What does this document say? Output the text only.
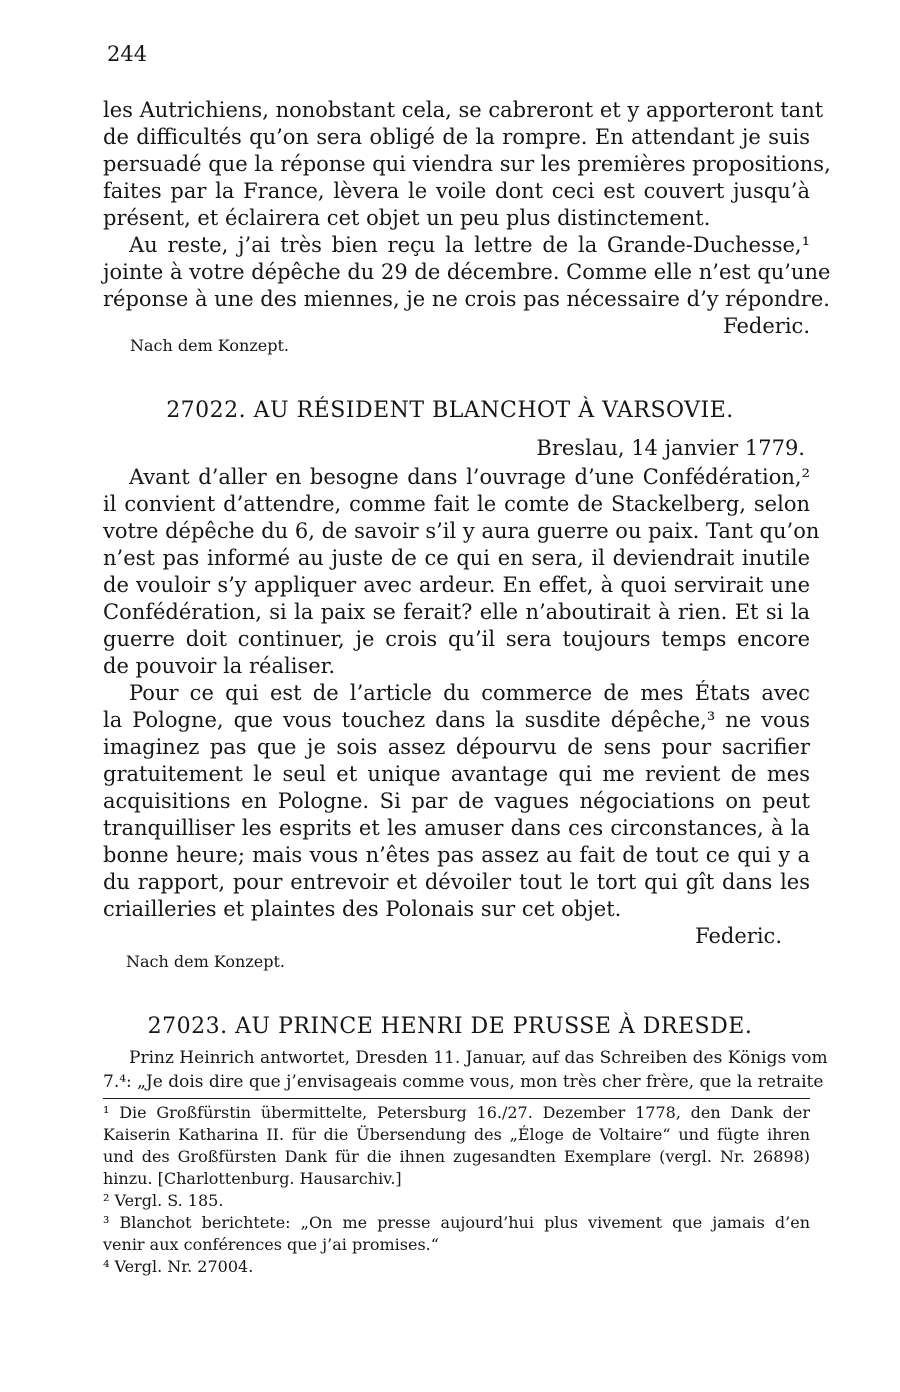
244
les Autrichiens, nonobstant cela, se cabreront et y apporteront tant
de difficultés qu’on sera obligé de la rompre. En attendant je suis
persuadé que la réponse qui viendra sur les premières propositions,
faites par la France, lèvera le voile dont ceci est couvert jusqu’à
présent, et éclairera cet objet un peu plus distinctement.
Au reste, j’ai très bien reçu la lettre de la Grande-Duchesse,¹
jointe à votre dépêche du 29 de décembre. Comme elle n’est qu’une
réponse à une des miennes, je ne crois pas nécessaire d’y répondre.
Federic.
Nach dem Konzept.
27022. AU RÉSIDENT BLANCHOT À VARSOVIE.
Breslau, 14 janvier 1779.
Avant d’aller en besogne dans l’ouvrage d’une Confédération,²
il convient d’attendre, comme fait le comte de Stackelberg, selon
votre dépêche du 6, de savoir s’il y aura guerre ou paix. Tant qu’on
n’est pas informé au juste de ce qui en sera, il deviendrait inutile
de vouloir s’y appliquer avec ardeur. En effet, à quoi servirait une
Confédération, si la paix se ferait? elle n’aboutirait à rien. Et si la
guerre doit continuer, je crois qu’il sera toujours temps encore
de pouvoir la réaliser.
Pour ce qui est de l’article du commerce de mes États avec
la Pologne, que vous touchez dans la susdite dépêche,³ ne vous
imaginez pas que je sois assez dépourvu de sens pour sacrifier
gratuitement le seul et unique avantage qui me revient de mes
acquisitions en Pologne. Si par de vagues négociations on peut
tranquilliser les esprits et les amuser dans ces circonstances, à la
bonne heure; mais vous n’êtes pas assez au fait de tout ce qui y a
du rapport, pour entrevoir et dévoiler tout le tort qui gît dans les
criailleries et plaintes des Polonais sur cet objet.
Federic.
Nach dem Konzept.
27023. AU PRINCE HENRI DE PRUSSE À DRESDE.
Prinz Heinrich antwortet, Dresden 11. Januar, auf das Schreiben des Königs vom
7.⁴: „Je dois dire que j’envisageais comme vous, mon très cher frère, que la retraite
¹ Die Großfürstin übermittelte, Petersburg 16./27. Dezember 1778, den Dank der
Kaiserin Katharina II. für die Übersendung des „Éloge de Voltaire“ und fügte ihren
und des Großfürsten Dank für die ihnen zugesandten Exemplare (vergl. Nr. 26898)
hinzu. [Charlottenburg. Hausarchiv.]
² Vergl. S. 185.
³ Blanchot berichtete: „On me presse aujourd’hui plus vivement que jamais d’en
venir aux conférences que j’ai promises.“
⁴ Vergl. Nr. 27004.
